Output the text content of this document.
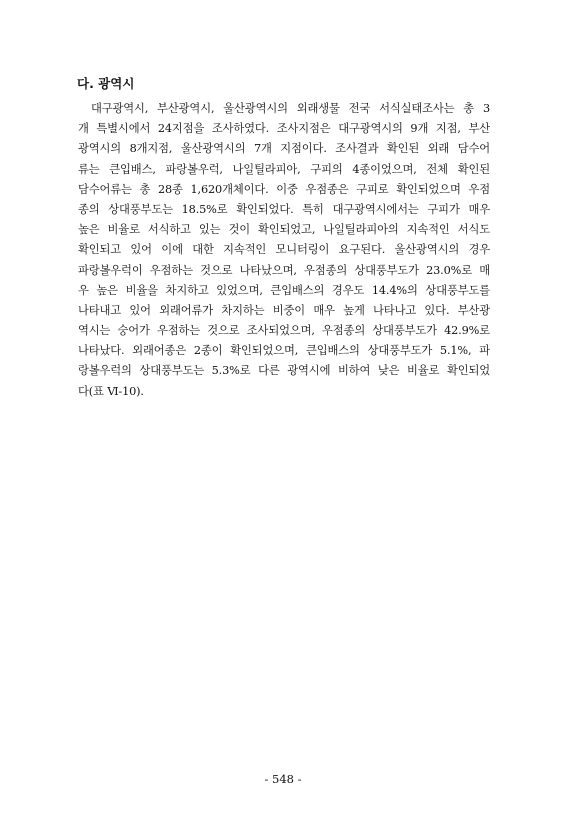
다. 광역시

대구광역시, 부산광역시, 울산광역시의 외래생물 전국 서식실태조사는 총 3
개 특별시에서 24지점을 조사하였다. 조사지점은 대구광역시의 9개 지점, 부산
광역시의 8개지점, 울산광역시의 7개 지점이다. 조사결과 확인된 외래 담수어
류는 큰입배스, 파랑볼우럭, 나일틸라피아, 구피의 4종이었으며, 전체 확인된
담수어류는 총 28종 1,620개체이다. 이중 우점종은 구피로 확인되었으며 우점
종의 상대풍부도는 18.5%로 확인되었다. 특히 대구광역시에서는 구피가 매우
높은 비율로 서식하고 있는 것이 확인되었고, 나일틸라피아의 지속적인 서식도
확인되고 있어 이에 대한 지속적인 모니터링이 요구된다. 울산광역시의 경우
파랑볼우럭이 우점하는 것으로 나타났으며, 우점종의 상대풍부도가 23.0%로 매
우 높은 비율을 차지하고 있었으며, 큰입배스의 경우도 14.4%의 상대풍부도를
나타내고 있어 외래어류가 차지하는 비중이 매우 높게 나타나고 있다. 부산광
역시는 숭어가 우점하는 것으로 조사되었으며, 우점종의 상대풍부도가 42.9%로
나타났다. 외래어종은 2종이 확인되었으며, 큰입배스의 상대풍부도가 5.1%, 파
랑볼우럭의 상대풍부도는 5.3%로 다른 광역시에 비하여 낮은 비율로 확인되었
다(표 Ⅵ-10).

- 548 -
